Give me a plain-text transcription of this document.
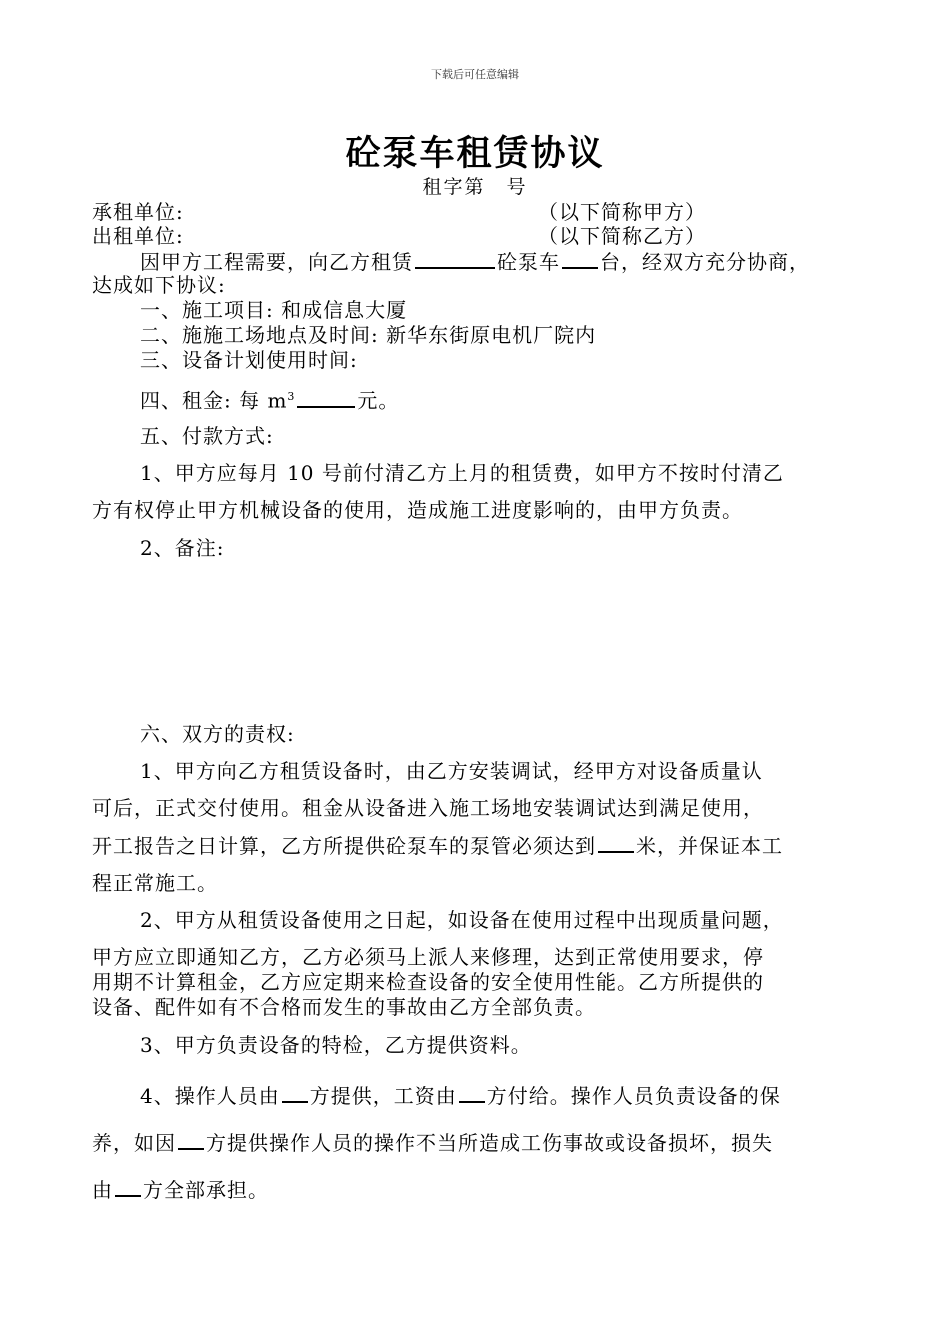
下载后可任意编辑
砼泵车租赁协议
租字第　号
承租单位:	（以下简称甲方）
出租单位:	（以下简称乙方）
因甲方工程需要，向乙方租赁	砼泵车 台，经双方充分协商，
达成如下协议:
一、施工项目: 和成信息大厦
二、施施工场地点及时间: 新华东街原电机厂院内
三、设备计划使用时间:
四、租金: 每 $m^3$	元。
五、付款方式:
1、甲方应每月 10 号前付清乙方上月的租赁费，如甲方不按时付清乙
方有权停止甲方机械设备的使用，造成施工进度影响的，由甲方负责。
2、备注:
六、双方的责权:
1、甲方向乙方租赁设备时，由乙方安装调试，经甲方对设备质量认
可后，正式交付使用。租金从设备进入施工场地安装调试达到满足使用，
开工报告之日计算，乙方所提供砼泵车的泵管必须达到 米，并保证本工
程正常施工。
2、甲方从租赁设备使用之日起，如设备在使用过程中出现质量问题，
甲方应立即通知乙方，乙方必须马上派人来修理，达到正常使用要求，停
用期不计算租金，乙方应定期来检查设备的安全使用性能。乙方所提供的
设备、配件如有不合格而发生的事故由乙方全部负责。
3、甲方负责设备的特检，乙方提供资料。
4、操作人员由 方提供，工资由 方付给。操作人员负责设备的保
养，如因 方提供操作人员的操作不当所造成工伤事故或设备损坏，损失
由 方全部承担。
